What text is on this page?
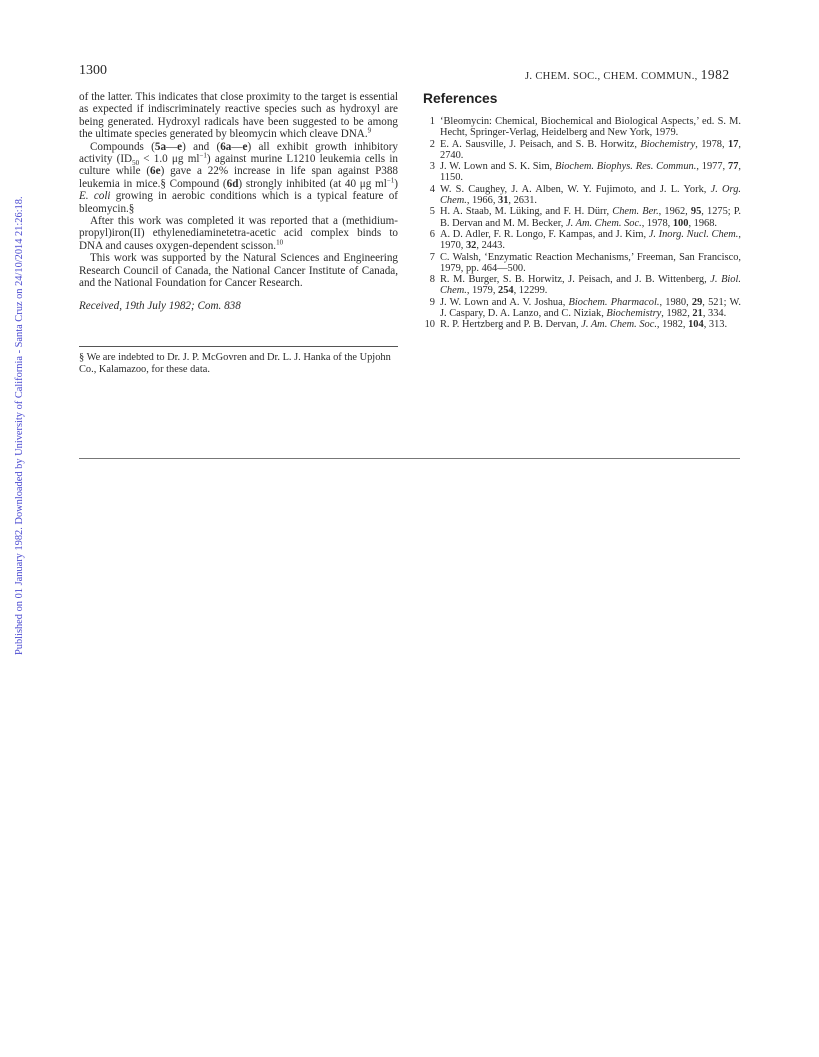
Published on 01 January 1982. Downloaded by University of California - Santa Cruz on 24/10/2014 21:26:18.
1300	J. CHEM. SOC., CHEM. COMMUN., 1982

of the latter. This indicates that close proximity to the target is essential as expected if indiscriminately reactive species such as hydroxyl are being generated. Hydroxyl radicals have been suggested to be among the ultimate species generated by bleomycin which cleave DNA.$^9$

Compounds (5a—e) and (6a—e) all exhibit growth inhibitory activity ($ID_{50} < 1.0$ μg $ml^{-1}$) against murine L1210 leukemia cells in culture while (6e) gave a 22% increase in life span against P388 leukemia in mice.§ Compound (6d) strongly inhibited (at 40 μg $ml^{-1}$) E. coli growing in aerobic conditions which is a typical feature of bleomycin.§

After this work was completed it was reported that a (methidium-propyl)iron(II) ethylenediaminetetra-acetic acid complex binds to DNA and causes oxygen-dependent scisson.$^{10}$

This work was supported by the Natural Sciences and Engineering Research Council of Canada, the National Cancer Institute of Canada, and the National Foundation for Cancer Research.

Received, 19th July 1982; Com. 838

§ We are indebted to Dr. J. P. McGovren and Dr. L. J. Hanka of the Upjohn Co., Kalamazoo, for these data.
References
1 ‘Bleomycin: Chemical, Biochemical and Biological Aspects,’ ed. S. M. Hecht, Springer-Verlag, Heidelberg and New York, 1979.
2 E. A. Sausville, J. Peisach, and S. B. Horwitz, Biochemistry, 1978, 17, 2740.
3 J. W. Lown and S. K. Sim, Biochem. Biophys. Res. Commun., 1977, 77, 1150.
4 W. S. Caughey, J. A. Alben, W. Y. Fujimoto, and J. L. York, J. Org. Chem., 1966, 31, 2631.
5 H. A. Staab, M. Lüking, and F. H. Dürr, Chem. Ber., 1962, 95, 1275; P. B. Dervan and M. M. Becker, J. Am. Chem. Soc., 1978, 100, 1968.
6 A. D. Adler, F. R. Longo, F. Kampas, and J. Kim, J. Inorg. Nucl. Chem., 1970, 32, 2443.
7 C. Walsh, ‘Enzymatic Reaction Mechanisms,’ Freeman, San Francisco, 1979, pp. 464—500.
8 R. M. Burger, S. B. Horwitz, J. Peisach, and J. B. Wittenberg, J. Biol. Chem., 1979, 254, 12299.
9 J. W. Lown and A. V. Joshua, Biochem. Pharmacol., 1980, 29, 521; W. J. Caspary, D. A. Lanzo, and C. Niziak, Biochemistry, 1982, 21, 334.
10 R. P. Hertzberg and P. B. Dervan, J. Am. Chem. Soc., 1982, 104, 313.
